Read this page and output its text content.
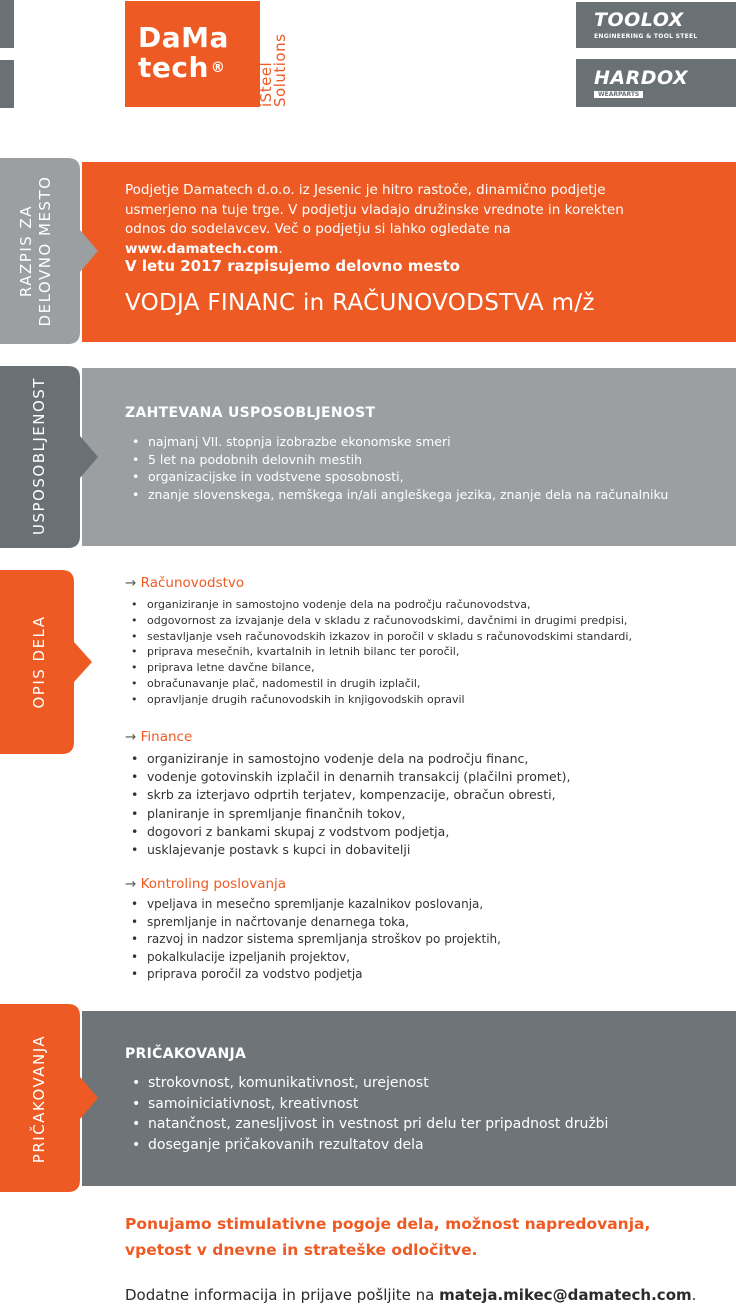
DaMa
tech ® iSteel
Solutions
TOOLOX
ENGINEERING & TOOL STEEL
HARDOX
WEARPARTS
RAZPIS ZA DELOVNO MESTO	Podjetje Damatech d.o.o. iz Jesenic je hitro rastoče, dinamično podjetje usmerjeno na tuje trge. V podjetju vladajo družinske vrednote in korekten odnos do sodelavcev. Več o podjetju si lahko ogledate na www.damatech.com.
V letu 2017 razpisujemo delovno mesto
VODJA FINANC in RAČUNOVODSTVA m/ž
USPOSOBLJENOST	ZAHTEVANA USPOSOBLJENOST
• najmanj VII. stopnja izobrazbe ekonomske smeri
• 5 let na podobnih delovnih mestih
• organizacijske in vodstvene sposobnosti,
• znanje slovenskega, nemškega in/ali angleškega jezika, znanje dela na računalniku
OPIS DELA
→ Računovodstvo
• organiziranje in samostojno vodenje dela na področju računovodstva,
• odgovornost za izvajanje dela v skladu z računovodskimi, davčnimi in drugimi predpisi,
• sestavljanje vseh računovodskih izkazov in poročil v skladu s računovodskimi standardi,
• priprava mesečnih, kvartalnih in letnih bilanc ter poročil,
• priprava letne davčne bilance,
• obračunavanje plač, nadomestil in drugih izplačil,
• opravljanje drugih računovodskih in knjigovodskih opravil
→ Finance
• organiziranje in samostojno vodenje dela na področju financ,
• vodenje gotovinskih izplačil in denarnih transakcij (plačilni promet),
• skrb za izterjavo odprtih terjatev, kompenzacije, obračun obresti,
• planiranje in spremljanje finančnih tokov,
• dogovori z bankami skupaj z vodstvom podjetja,
• usklajevanje postavk s kupci in dobavitelji
→ Kontroling poslovanja
• vpeljava in mesečno spremljanje kazalnikov poslovanja,
• spremljanje in načrtovanje denarnega toka,
• razvoj in nadzor sistema spremljanja stroškov po projektih,
• pokalkulacije izpeljanih projektov,
• priprava poročil za vodstvo podjetja
PRIČAKOVANJA	PRIČAKOVANJA
• strokovnost, komunikativnost, urejenost
• samoiniciativnost, kreativnost
• natančnost, zanesljivost in vestnost pri delu ter pripadnost družbi
• doseganje pričakovanih rezultatov dela
Ponujamo stimulativne pogoje dela, možnost napredovanja, vpetost v dnevne in strateške odločitve.
Dodatne informacija in prijave pošljite na mateja.mikec@damatech.com.
